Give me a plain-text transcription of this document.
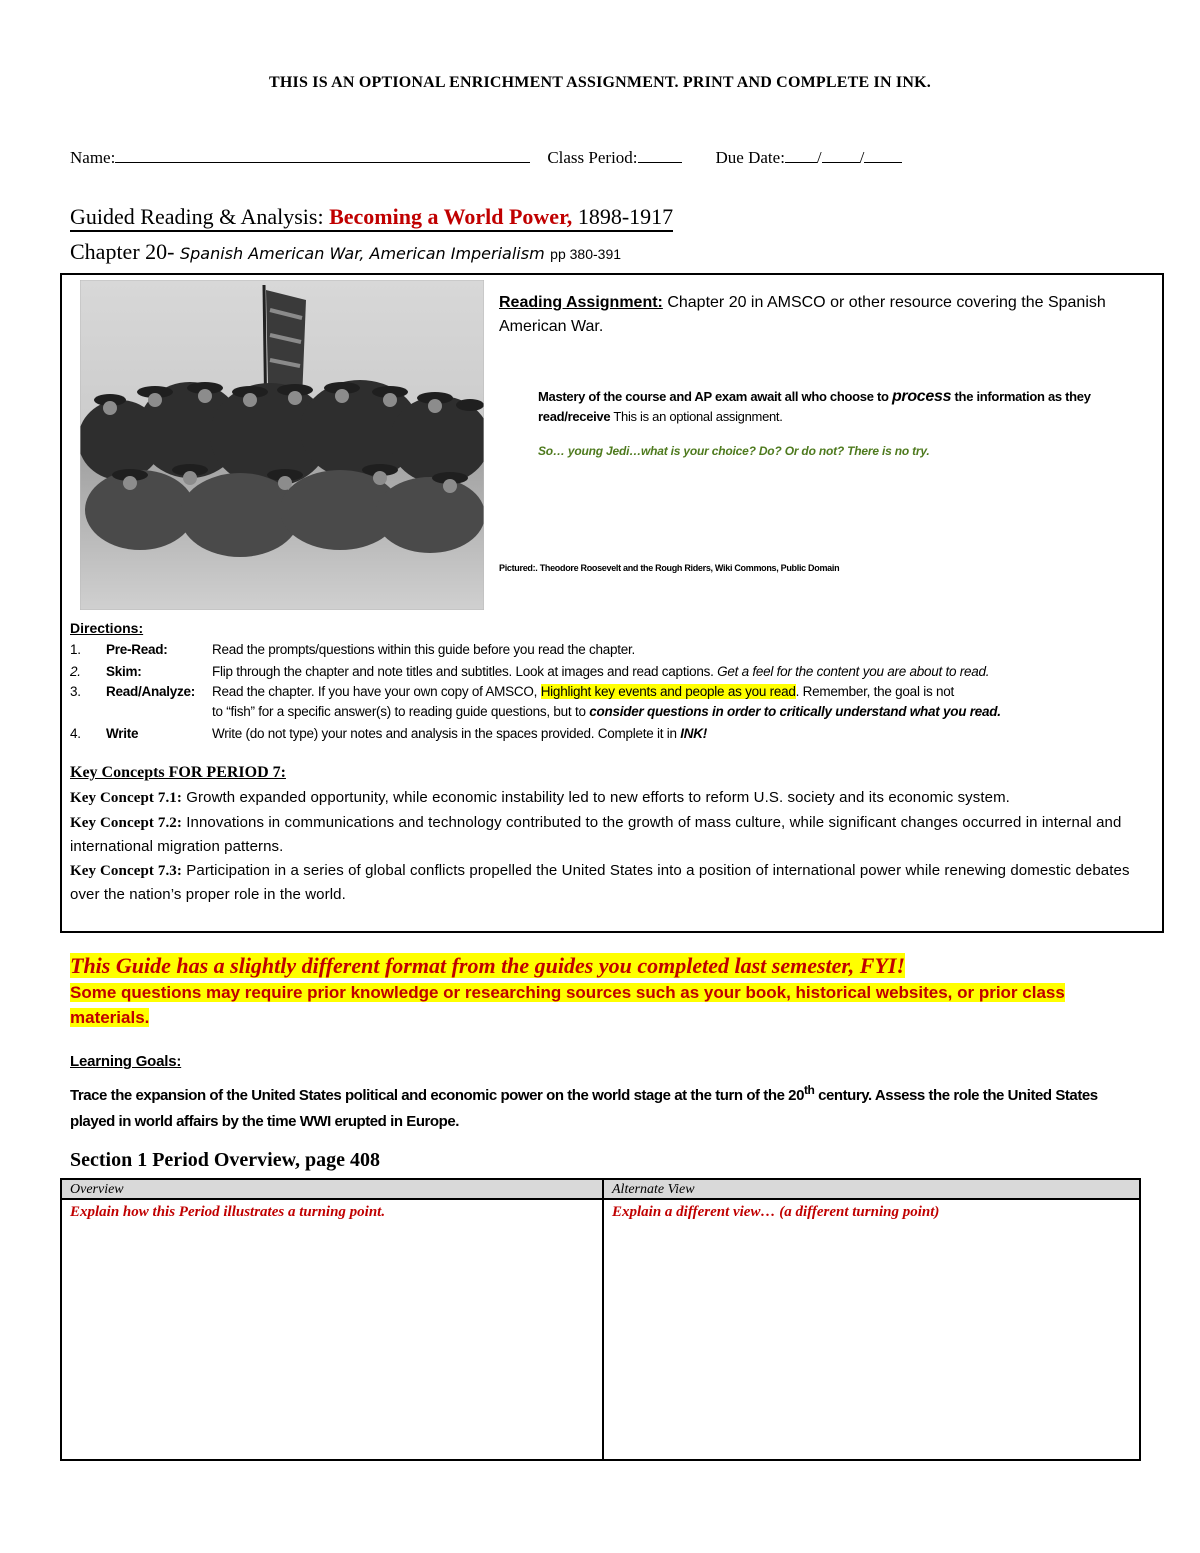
THIS IS AN OPTIONAL ENRICHMENT ASSIGNMENT. PRINT AND COMPLETE IN INK.
Name:	Class Period:	Due Date: / /
Guided Reading & Analysis: Becoming a World Power, 1898-1917
Chapter 20- Spanish American War, American Imperialism pp 380-391
Reading Assignment: Chapter 20 in AMSCO or other resource covering the Spanish American War.
Mastery of the course and AP exam await all who choose to process the information as they read/receive This is an optional assignment.
So… young Jedi…what is your choice? Do? Or do not? There is no try.
Pictured:. Theodore Roosevelt and the Rough Riders, Wiki Commons, Public Domain
Directions:
1. Pre-Read:	Read the prompts/questions within this guide before you read the chapter.
2. Skim:	Flip through the chapter and note titles and subtitles. Look at images and read captions. Get a feel for the content you are about to read.
3. Read/Analyze: Read the chapter. If you have your own copy of AMSCO, Highlight key events and people as you read. Remember, the goal is not
to “fish” for a specific answer(s) to reading guide questions, but to consider questions in order to critically understand what you read.
4. Write	Write (do not type) your notes and analysis in the spaces provided. Complete it in INK!
Key Concepts FOR PERIOD 7:
Key Concept 7.1: Growth expanded opportunity, while economic instability led to new efforts to reform U.S. society and its economic system.
Key Concept 7.2: Innovations in communications and technology contributed to the growth of mass culture, while significant changes occurred in internal and international migration patterns.
Key Concept 7.3: Participation in a series of global conflicts propelled the United States into a position of international power while renewing domestic debates over the nation’s proper role in the world.
This Guide has a slightly different format from the guides you completed last semester, FYI!
Some questions may require prior knowledge or researching sources such as your book, historical websites, or prior class materials.
Learning Goals:
Trace the expansion of the United States political and economic power on the world stage at the turn of the 20th century. Assess the role the United States played in world affairs by the time WWI erupted in Europe.
Section 1 Period Overview, page 408
Overview	Alternate View
Explain how this Period illustrates a turning point.	Explain a different view… (a different turning point)
